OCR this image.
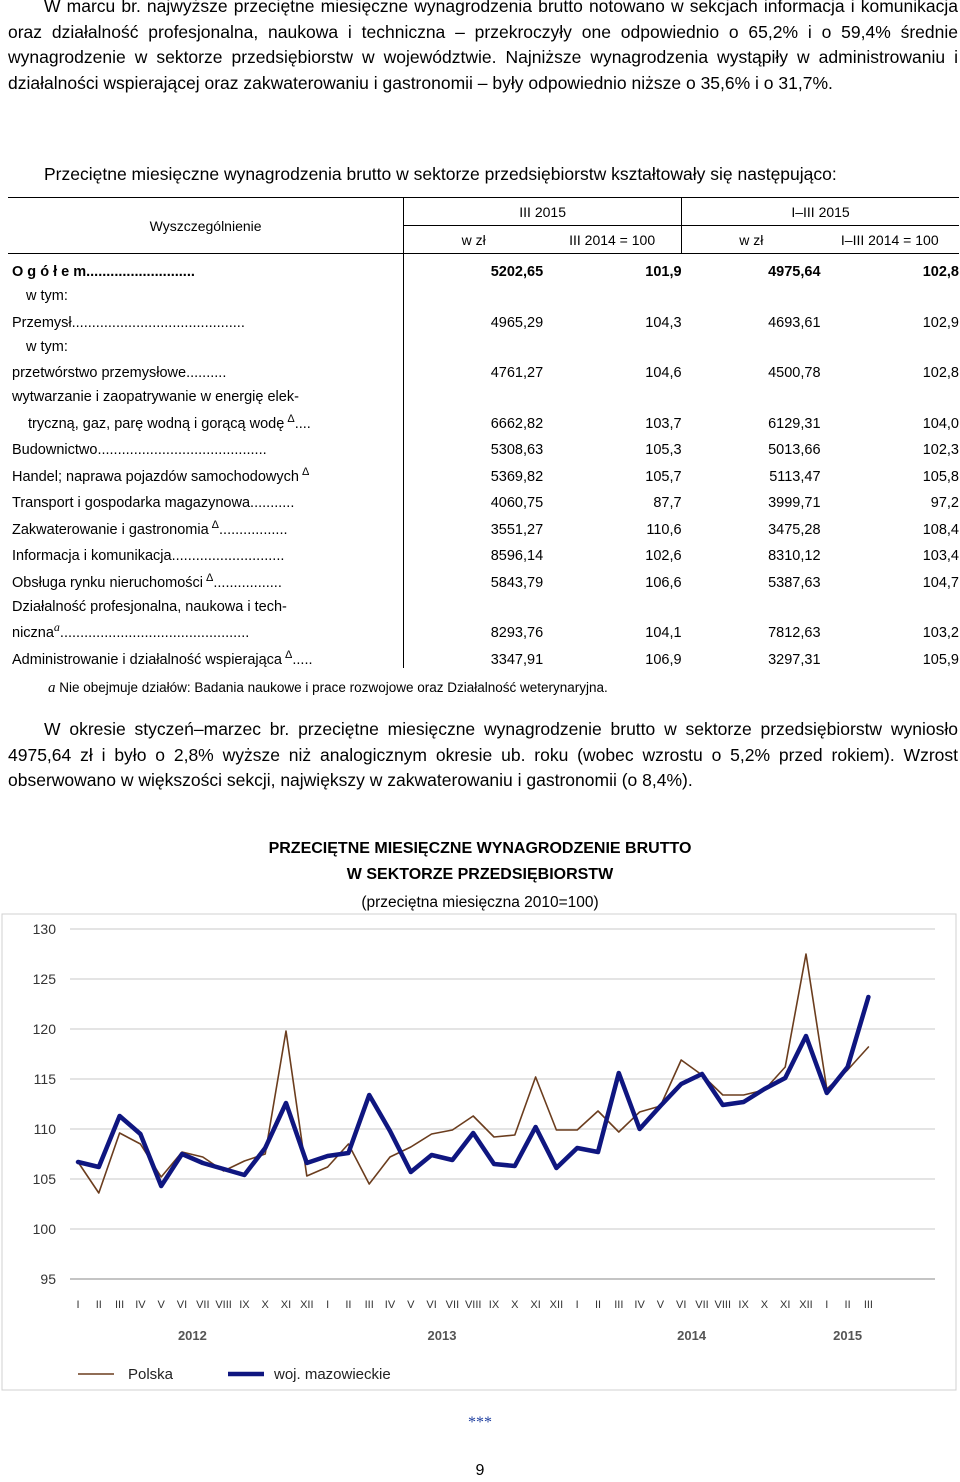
W marcu br. najwyższe przeciętne miesięczne wynagrodzenia brutto notowano w sekcjach informacja i komunikacja oraz działalność profesjonalna, naukowa i techniczna – przekroczyły one odpowiednio o 65,2% i o 59,4% średnie wynagrodzenie w sektorze przedsiębiorstw w województwie. Najniższe wynagrodzenia wystąpiły w administrowaniu i działalności wspierającej oraz zakwaterowaniu i gastronomii – były odpowiednio niższe o 35,6% i o 31,7%.
Przeciętne miesięczne wynagrodzenia brutto w sektorze przedsiębiorstw kształtowały się następująco:
Wyszczególnienie	III 2015		I–III 2015	
	w zł	III 2014 = 100	w zł	I–III 2014 = 100
O g ó ł e m...........................	5202,65	101,9	4975,64	102,8
w tym:				
Przemysł...........................................	4965,29	104,3	4693,61	102,9
w tym:				
przetwórstwo przemysłowe..........	4761,27	104,6	4500,78	102,8
wytwarzanie i zaopatrywanie w energię elek-				
tryczną, gaz, parę wodną i gorącą wodę $^\Delta$....	6662,82	103,7	6129,31	104,0
Budownictwo..........................................	5308,63	105,3	5013,66	102,3
Handel; naprawa pojazdów samochodowych $^\Delta$	5369,82	105,7	5113,47	105,8
Transport i gospodarka magazynowa...........	4060,75	87,7	3999,71	97,2
Zakwaterowanie i gastronomia $^\Delta$.................	3551,27	110,6	3475,28	108,4
Informacja i komunikacja............................	8596,14	102,6	8310,12	103,4
Obsługa rynku nieruchomości $^\Delta$.................	5843,79	106,6	5387,63	104,7
Działalność profesjonalna, naukowa i tech-				
niczna$^a$...............................................	8293,76	104,1	7812,63	103,2
Administrowanie i działalność wspierająca $^\Delta$.....	3347,91	106,9	3297,31	105,9
a Nie obejmuje działów: Badania naukowe i prace rozwojowe oraz Działalność weterynaryjna.
W okresie styczeń–marzec br. przeciętne miesięczne wynagrodzenie brutto w sektorze przedsiębiorstw wyniosło 4975,64 zł i było o 2,8% wyższe niż analogicznym okresie ub. roku (wobec wzrostu o 5,2% przed rokiem). Wzrost obserwowano w większości sekcji, największy w zakwaterowaniu i gastronomii (o 8,4%).
PRZECIĘTNE MIESIĘCZNE WYNAGRODZENIE BRUTTO
W SEKTORZE PRZEDSIĘBIORSTW
(przeciętna miesięczna 2010=100)
95
100
105
110
115
120
125
130
I II III IV V VI VII VIII IX X XI XII I II III IV V VI VII VIII IX X XI XII I II III IV V VI VII VIII IX X XI XII I II III
2012	2013	2014	2015
Polska	woj. mazowieckie
***
9
